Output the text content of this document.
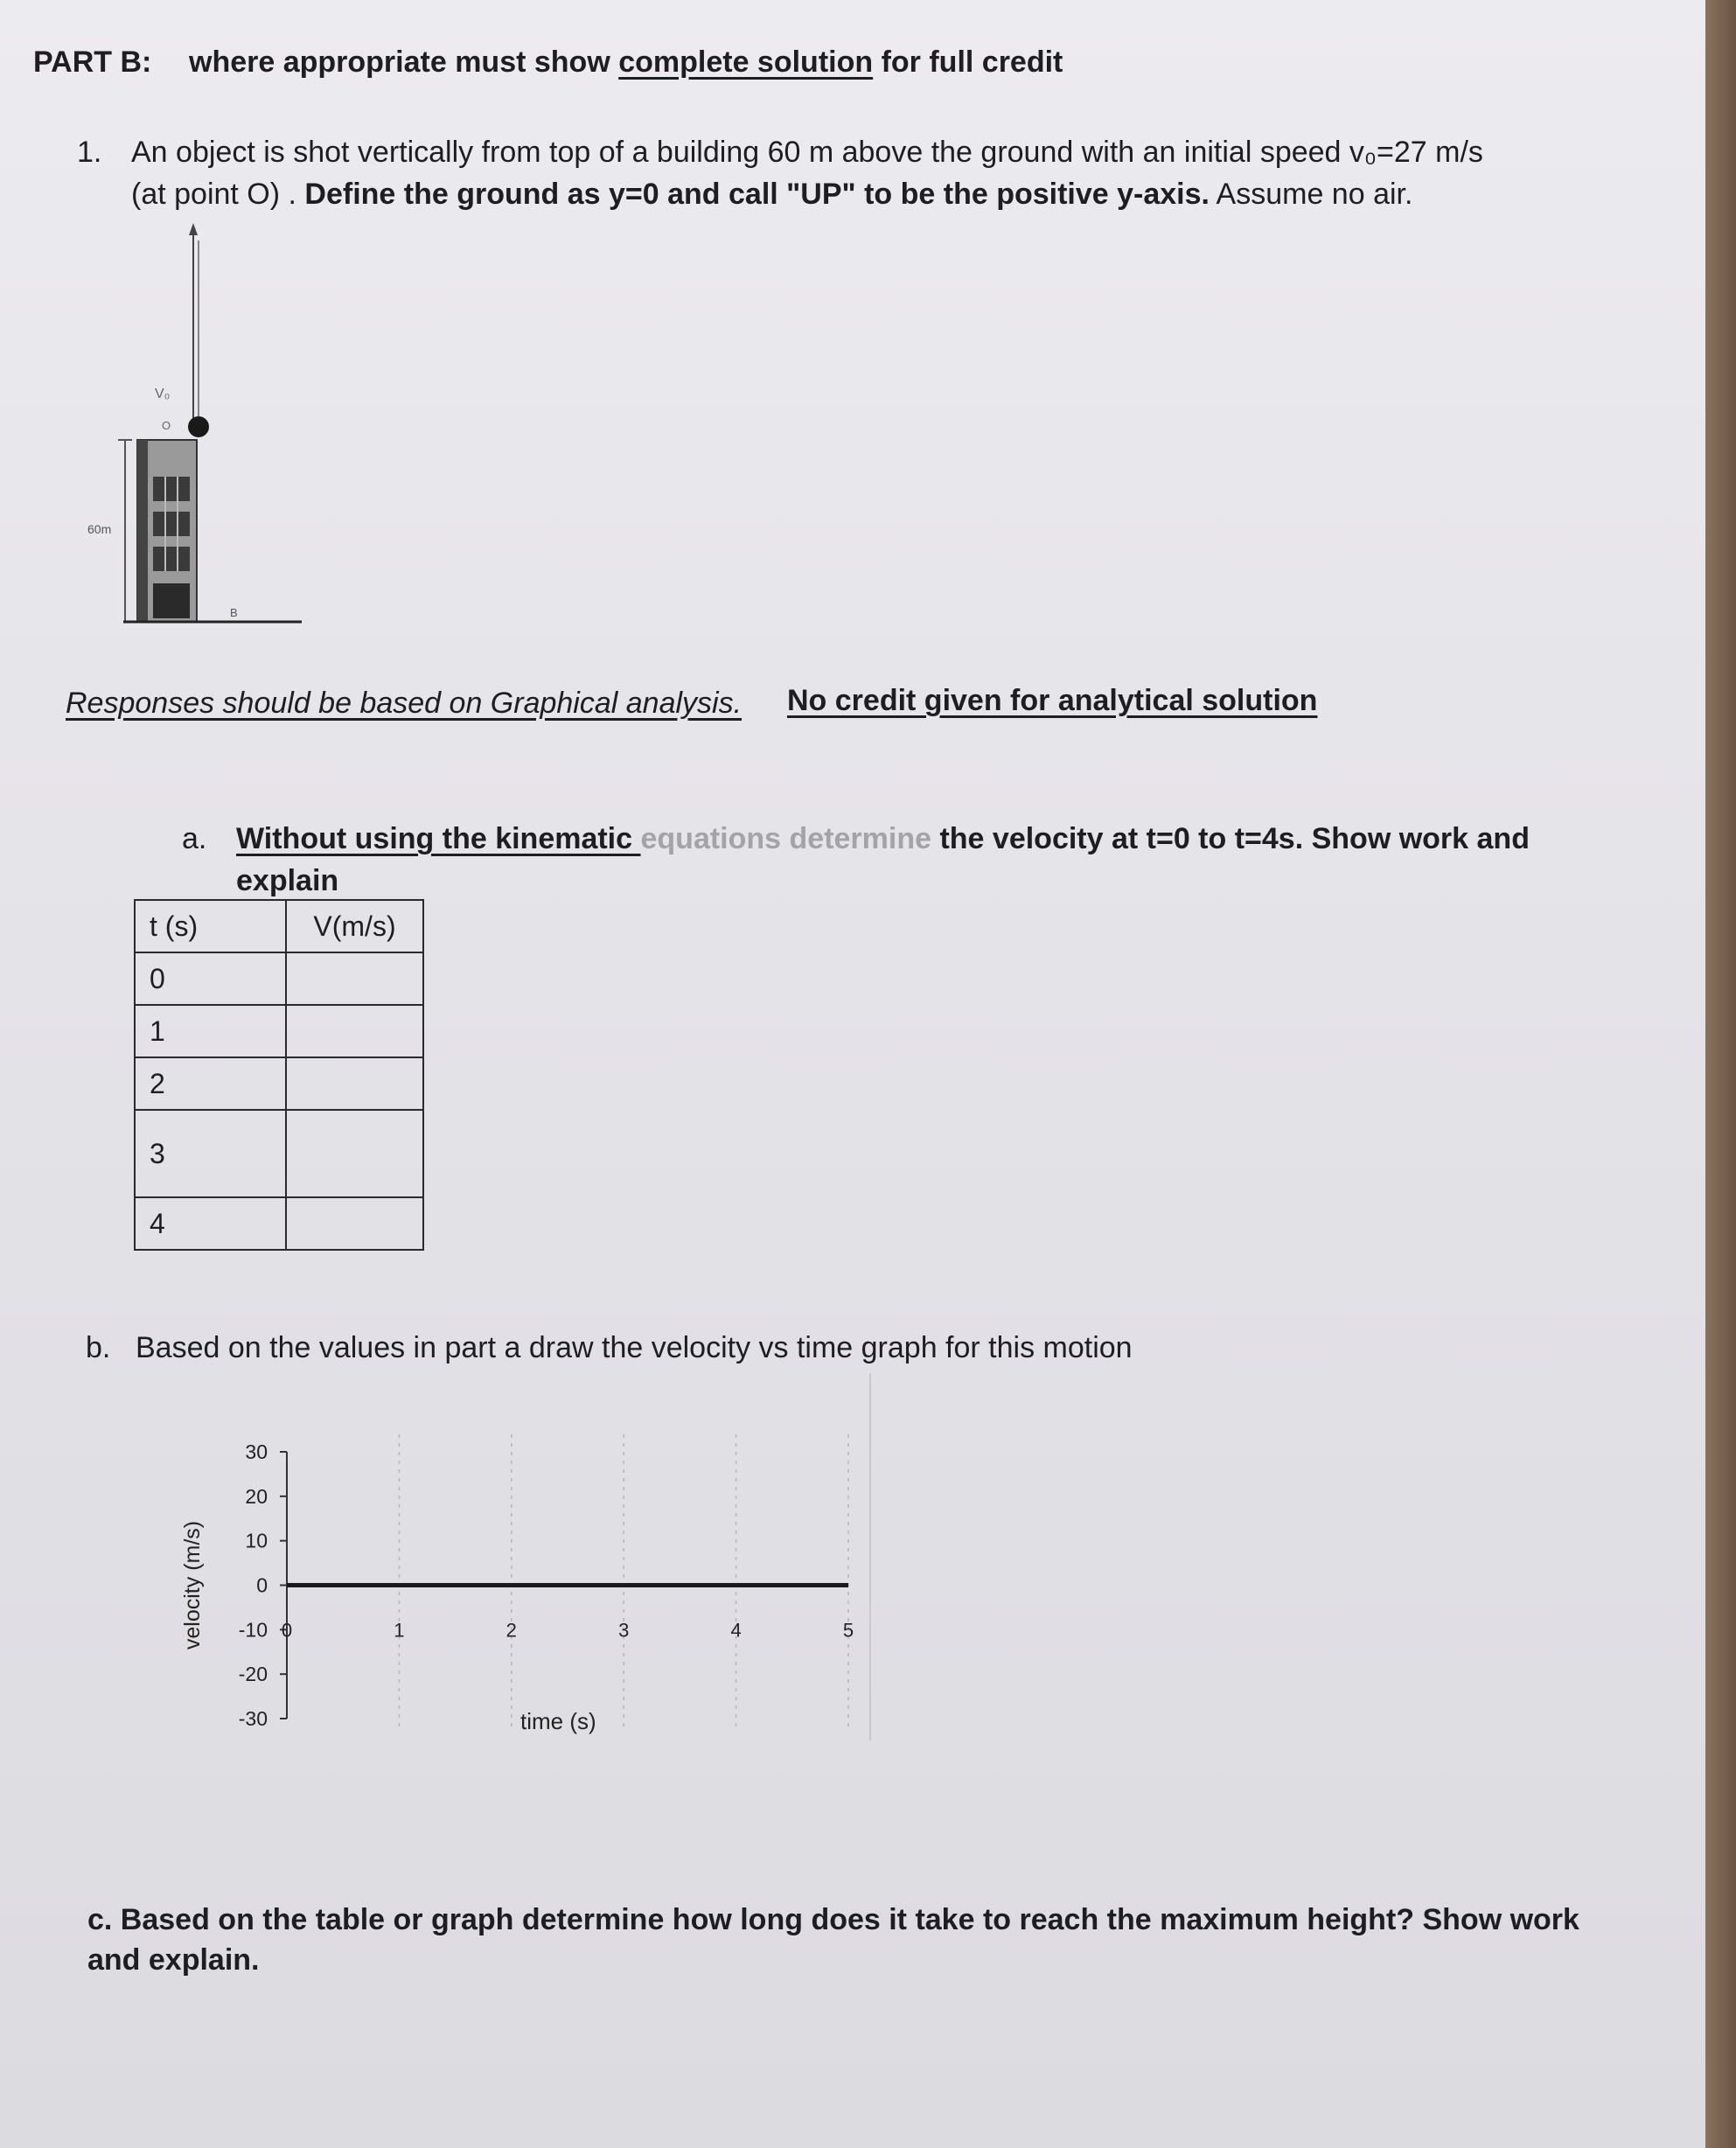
PART B: where appropriate must show complete solution for full credit
1. An object is shot vertically from top of a building 60 m above the ground with an initial speed v₀=27 m/s
(at point O) . Define the ground as y=0 and call "UP" to be the positive y-axis. Assume no air.
60m
V₀
O
B
Responses should be based on Graphical analysis. No credit given for analytical solution
a. Without using the kinematic equations determine the velocity at t=0 to t=4s. Show work and
explain
t (s)	V(m/s)
0	
1	
2	
3	
4	
b. Based on the values in part a draw the velocity vs time graph for this motion
30
20
10
0
-10
-20
-30
0	1	2	3	4	5
velocity (m/s)
time (s)
c. Based on the table or graph determine how long does it take to reach the maximum height? Show work
and explain.
